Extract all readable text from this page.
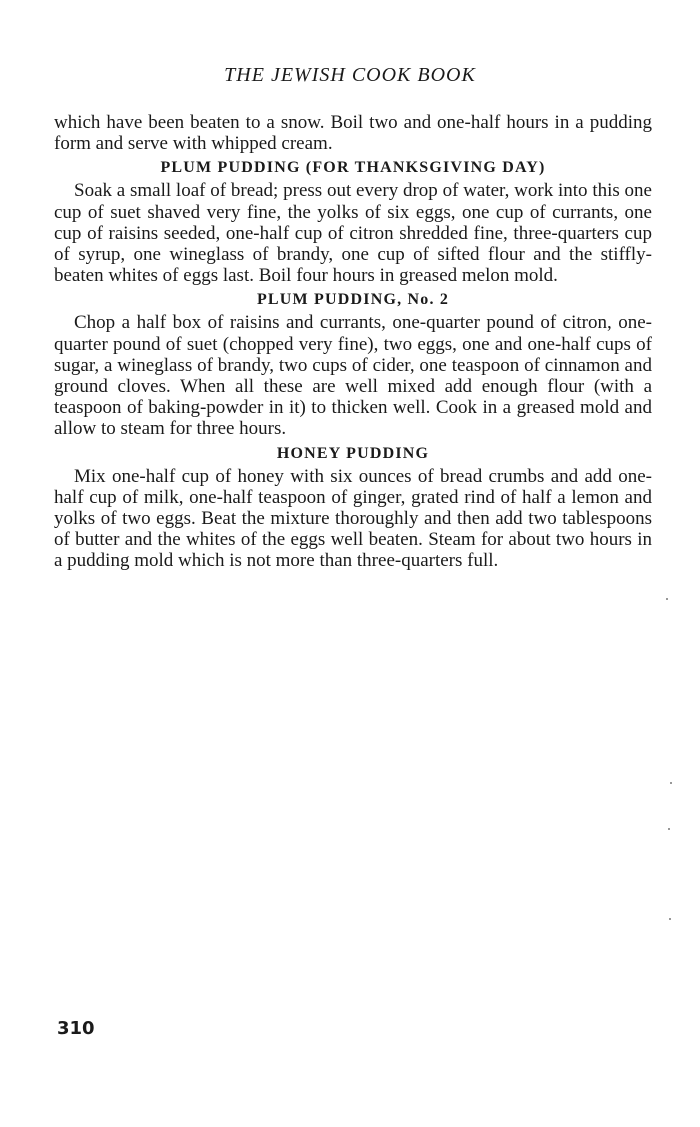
THE JEWISH COOK BOOK

which have been beaten to a snow. Boil two and one-half hours in a pudding form and serve with whipped cream.

PLUM PUDDING (FOR THANKSGIVING DAY)

Soak a small loaf of bread; press out every drop of water, work into this one cup of suet shaved very fine, the yolks of six eggs, one cup of currants, one cup of raisins seeded, one-half cup of citron shredded fine, three-quarters cup of syrup, one wineglass of brandy, one cup of sifted flour and the stiffly-beaten whites of eggs last. Boil four hours in greased melon mold.

PLUM PUDDING, No. 2

Chop a half box of raisins and currants, one-quarter pound of citron, one-quarter pound of suet (chopped very fine), two eggs, one and one-half cups of sugar, a wineglass of brandy, two cups of cider, one teaspoon of cinnamon and ground cloves. When all these are well mixed add enough flour (with a teaspoon of baking-powder in it) to thicken well. Cook in a greased mold and allow to steam for three hours.

HONEY PUDDING

Mix one-half cup of honey with six ounces of bread crumbs and add one-half cup of milk, one-half teaspoon of ginger, grated rind of half a lemon and yolks of two eggs. Beat the mixture thoroughly and then add two tablespoons of butter and the whites of the eggs well beaten. Steam for about two hours in a pudding mold which is not more than three-quarters full.

310
